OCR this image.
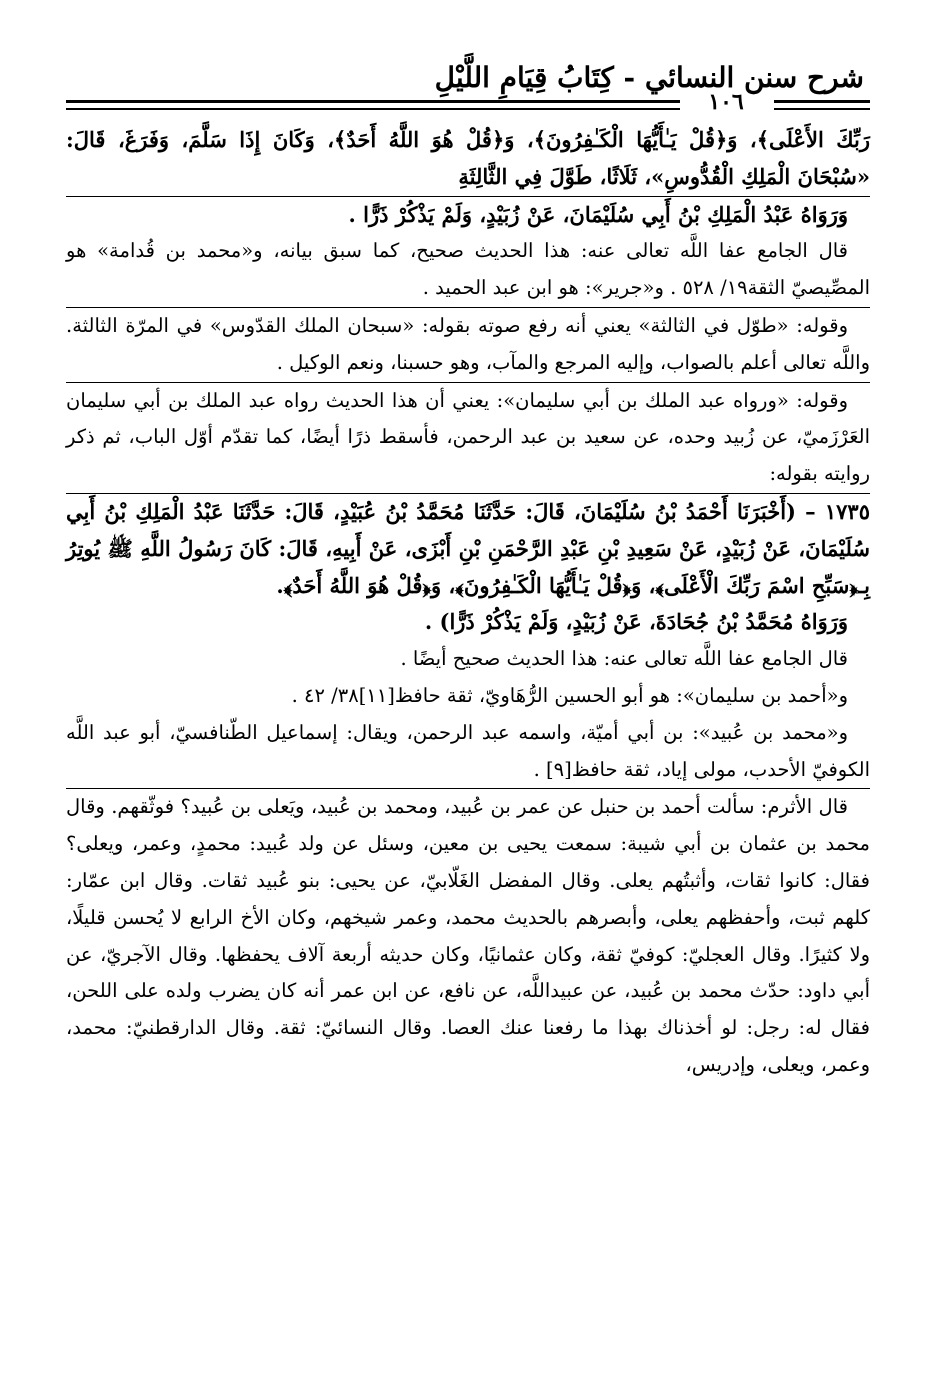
شرح سنن النسائي - كِتَابُ قِيَامِ اللَّيْلِ
١٠٦

رَبِّكَ الأَعْلَى﴾، وَ﴿قُلْ يَـٰأَيُّهَا الْكَـٰفِرُونَ﴾، وَ﴿قُلْ هُوَ اللَّهُ أَحَدٌ﴾، وَكَانَ إِذَا سَلَّمَ، وَفَرَغَ، قَالَ: «سُبْحَانَ الْمَلِكِ الْقُدُّوسِ»، ثَلَاثًا، طَوَّلَ فِي الثَّالِثَةِ

وَرَوَاهُ عَبْدُ الْمَلِكِ بْنُ أَبِي سُلَيْمَانَ، عَنْ زُبَيْدٍ، وَلَمْ يَذْكُرْ ذَرًّا .

قال الجامع عفا اللَّه تعالى عنه: هذا الحديث صحيح، كما سبق بيانه، و«محمد بن قُدامة» هو المصِّيصيّ الثقة١٩/ ٥٢٨ . و«جرير»: هو ابن عبد الحميد .

وقوله: «طوّل في الثالثة» يعني أنه رفع صوته بقوله: «سبحان الملك القدّوس» في المرّة الثالثة. واللَّه تعالى أعلم بالصواب، وإليه المرجع والمآب، وهو حسبنا، ونعم الوكيل .

وقوله: «ورواه عبد الملك بن أبي سليمان»: يعني أن هذا الحديث رواه عبد الملك بن أبي سليمان العَرْزَميّ، عن زُبيد وحده، عن سعيد بن عبد الرحمن، فأسقط ذرًا أيضًا، كما تقدّم أوّل الباب، ثم ذكر روايته بقوله:

١٧٣٥ – (أَخْبَرَنَا أَحْمَدُ بْنُ سُلَيْمَانَ، قَالَ: حَدَّثَنَا مُحَمَّدُ بْنُ عُبَيْدٍ، قَالَ: حَدَّثَنَا عَبْدُ الْمَلِكِ بْنُ أَبِي سُلَيْمَانَ، عَنْ زُبَيْدٍ، عَنْ سَعِيدِ بْنِ عَبْدِ الرَّحْمَنِ بْنِ أَبْزَى، عَنْ أَبِيهِ، قَالَ: كَانَ رَسُولُ اللَّهِ ﷺ يُوتِرُ بِـ﴿سَبِّحِ اسْمَ رَبِّكَ الْأَعْلَى﴾، وَ﴿قُلْ يَـٰأَيُّهَا الْكَـٰفِرُونَ﴾، وَ﴿قُلْ هُوَ اللَّهُ أَحَدٌ﴾.

وَرَوَاهُ مُحَمَّدُ بْنُ جُحَادَةَ، عَنْ زُبَيْدٍ، وَلَمْ يَذْكُرْ ذَرًّا) .

قال الجامع عفا اللَّه تعالى عنه: هذا الحديث صحيح أيضًا .

و«أحمد بن سليمان»: هو أبو الحسين الرُّهَاويّ، ثقة حافظ[١١]٣٨/ ٤٢ .

و«محمد بن عُبيد»: بن أبي أميّة، واسمه عبد الرحمن، ويقال: إسماعيل الطّنافسيّ، أبو عبد اللَّه الكوفيّ الأحدب، مولى إياد، ثقة حافظ[٩] .

قال الأثرم: سألت أحمد بن حنبل عن عمر بن عُبيد، ومحمد بن عُبيد، ويَعلى بن عُبيد؟ فوثّقهم. وقال محمد بن عثمان بن أبي شيبة: سمعت يحيى بن معين، وسئل عن ولد عُبيد: محمدٍ، وعمر، ويعلى؟ فقال: كانوا ثقات، وأثبتُهم يعلى. وقال المفضل الغَلّابيّ، عن يحيى: بنو عُبيد ثقات. وقال ابن عمّار: كلهم ثبت، وأحفظهم يعلى، وأبصرهم بالحديث محمد، وعمر شيخهم، وكان الأخ الرابع لا يُحسن قليلًا، ولا كثيرًا. وقال العجليّ: كوفيّ ثقة، وكان عثمانيًا، وكان حديثه أربعة آلاف يحفظها. وقال الآجريّ، عن أبي داود: حدّث محمد بن عُبيد، عن عبيداللَّه، عن نافع، عن ابن عمر أنه كان يضرب ولده على اللحن، فقال له: رجل: لو أخذناك بهذا ما رفعنا عنك العصا. وقال النسائيّ: ثقة. وقال الدارقطنيّ: محمد، وعمر، ويعلى، وإدريس،
